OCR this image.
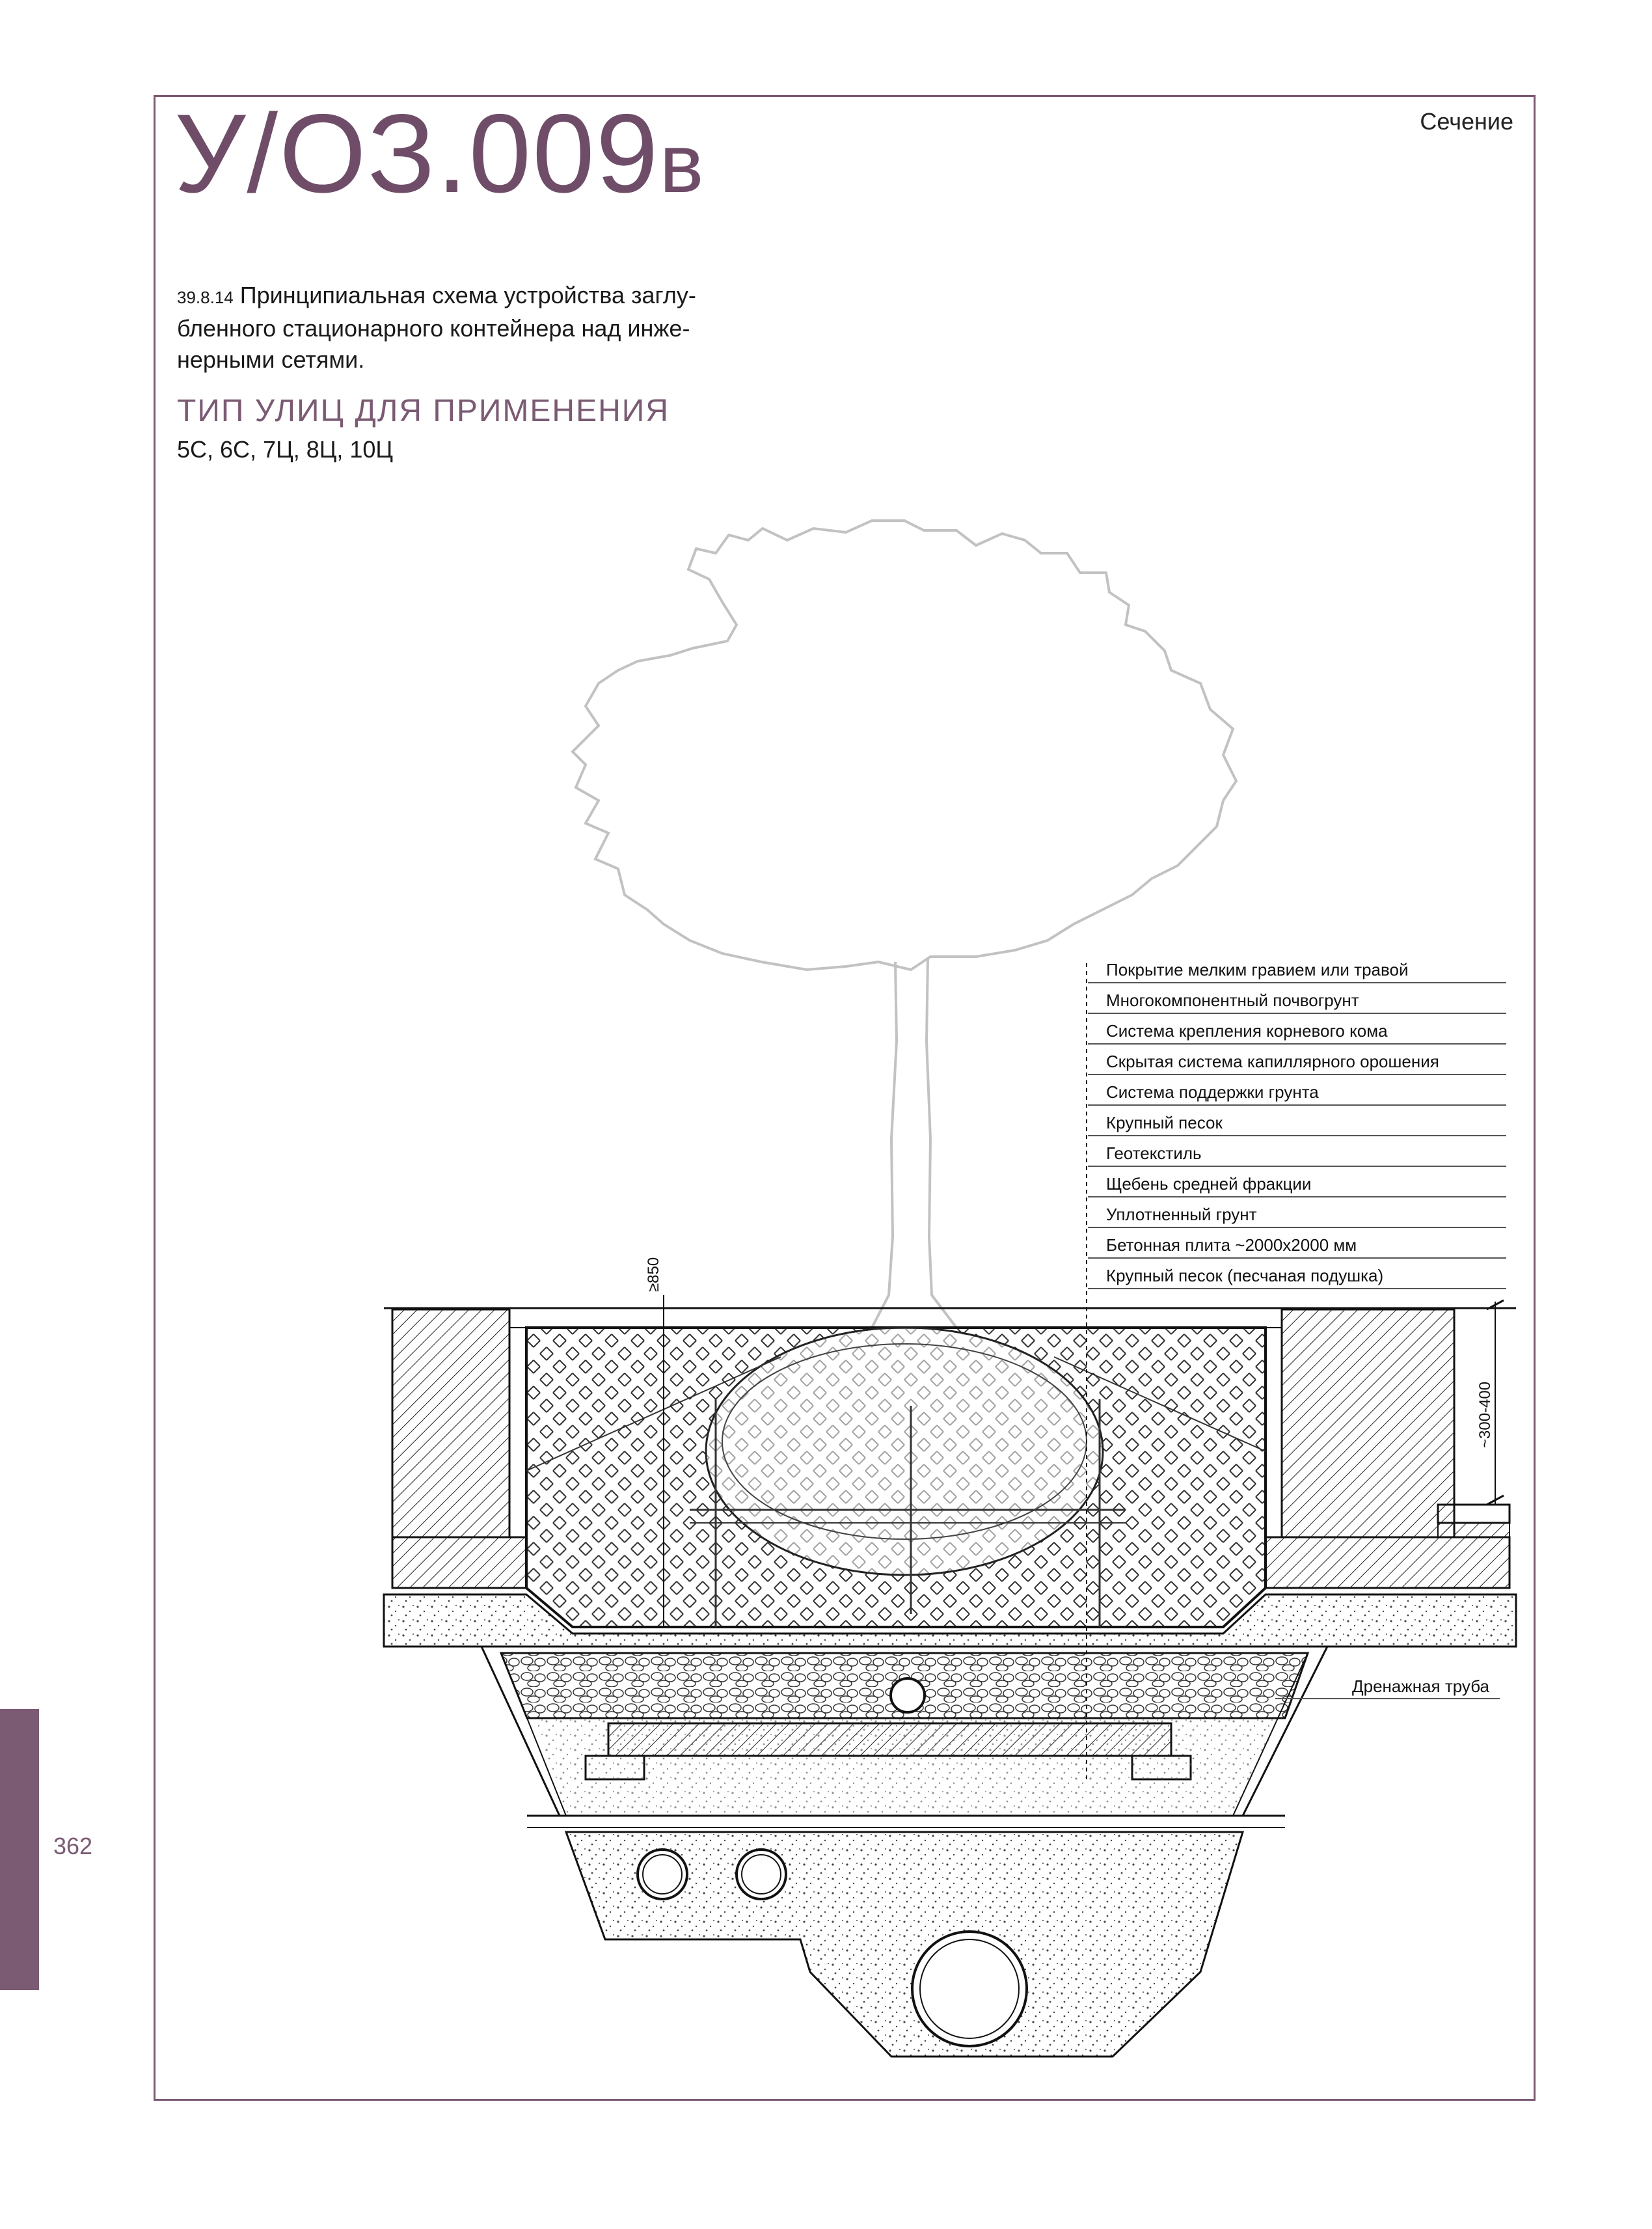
У/ОЗ.009в	Сечение
39.8.14 Принципиальная схема устройства заглу-бленного стационарного контейнера над инже-нерными сетями.
ТИП УЛИЦ ДЛЯ ПРИМЕНЕНИЯ
5С, 6С, 7Ц, 8Ц, 10Ц
362
Покрытие мелким гравием или травой
Многокомпонентный почвогрунт
Система крепления корневого кома
Скрытая система капиллярного орошения
Система поддержки грунта
Крупный песок
Геотекстиль
Щебень средней фракции
Уплотненный грунт
Бетонная плита ~2000х2000 мм
Крупный песок (песчаная подушка)
Дренажная труба
≥850
~300-400
